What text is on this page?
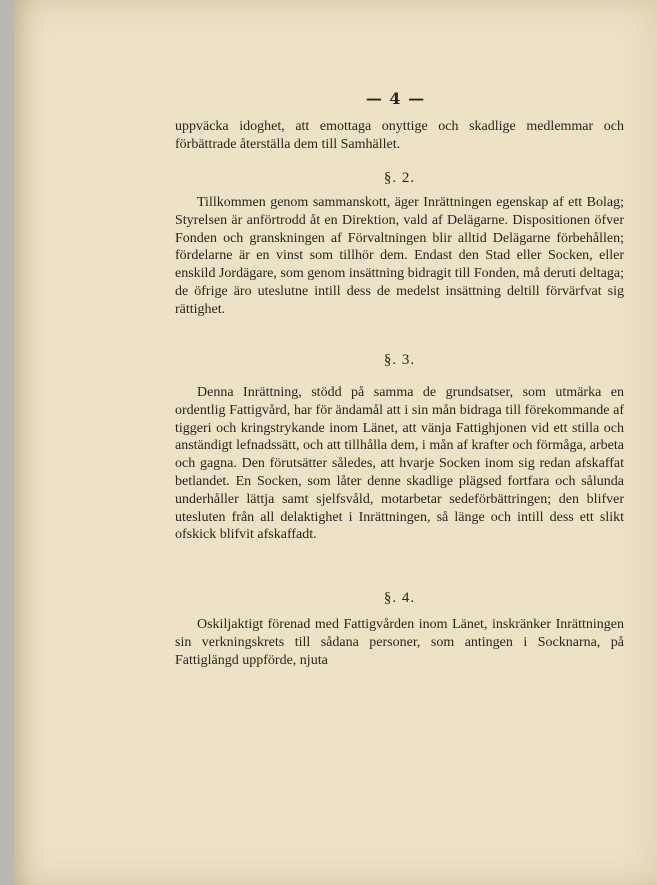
— 4 —
uppväcka idoghet, att emottaga onyttige och skadlige medlemmar och förbättrade återställa dem till Samhället.
§. 2.
Tillkommen genom sammanskott, äger Inrättningen egenskap af ett Bolag; Styrelsen är anförtrodd åt en Direktion, vald af Delägarne. Dispositionen öfver Fonden och granskningen af Förvaltningen blir alltid Delägarne förbehållen; fördelarne är en vinst som tillhör dem. Endast den Stad eller Socken, eller enskild Jordägare, som genom insättning bidragit till Fonden, må deruti deltaga; de öfrige äro uteslutne intill dess de medelst insättning deltill förvärfvat sig rättighet.
§. 3.
Denna Inrättning, stödd på samma de grundsatser, som utmärka en ordentlig Fattigvård, har för ändamål att i sin mån bidraga till förekommande af tiggeri och kringstrykande inom Länet, att vänja Fattighjonen vid ett stilla och anständigt lefnadssätt, och att tillhålla dem, i mån af krafter och förmåga, arbeta och gagna. Den förutsätter således, att hvarje Socken inom sig redan afskaffat betlandet. En Socken, som låter denne skadlige plägsed fortfara och sålunda underhåller lättja samt sjelfsvåld, motarbetar sedeförbättringen; den blifver utesluten från all delaktighet i Inrättningen, så länge och intill dess ett slikt ofskick blifvit afskaffadt.
§. 4.
Oskiljaktigt förenad med Fattigvården inom Länet, inskränker Inrättningen sin verkningskrets till sådana personer, som antingen i Socknarna, på Fattiglängd uppförde, njuta
